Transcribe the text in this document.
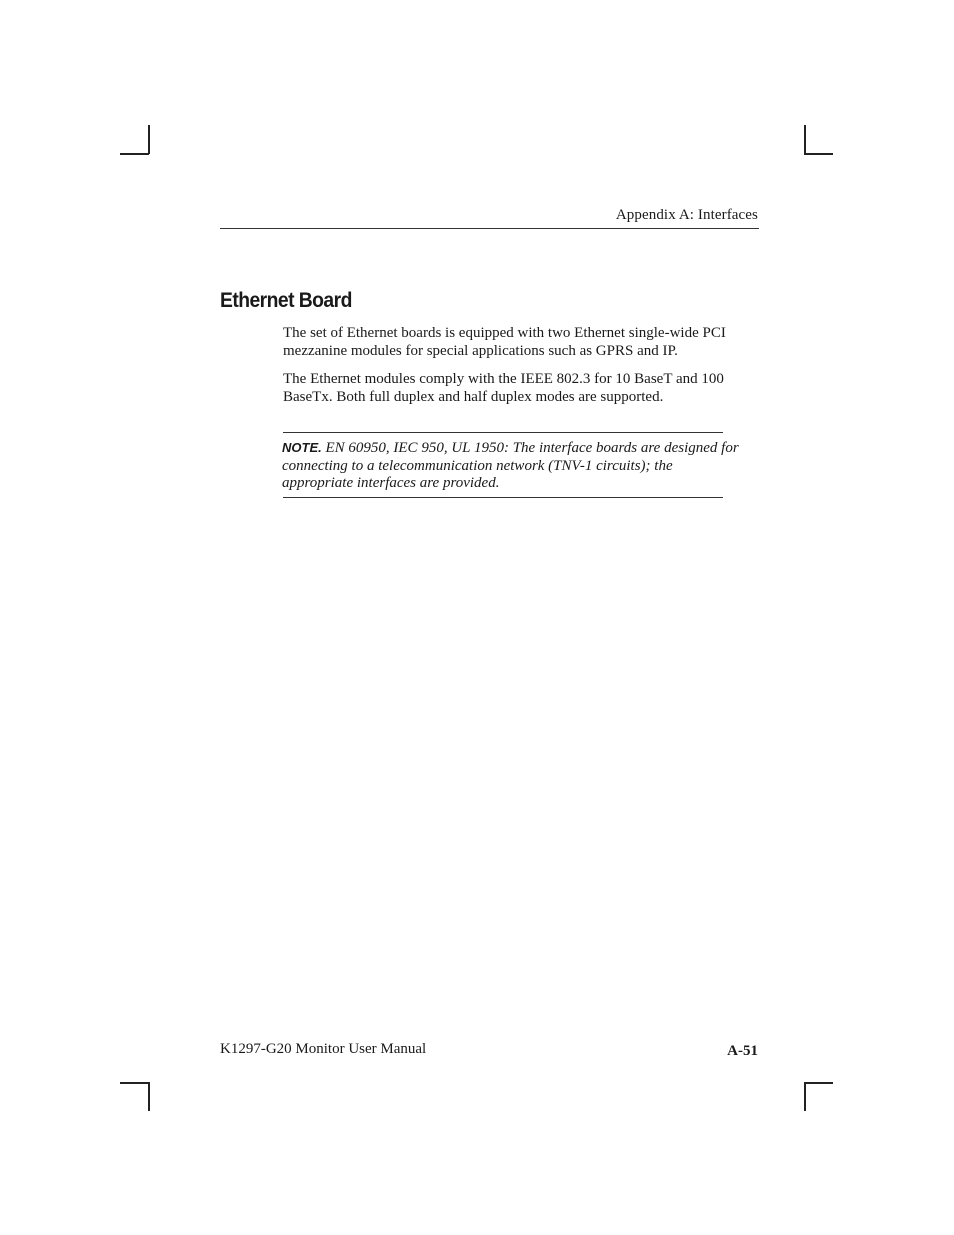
Appendix A: Interfaces
Ethernet Board

The set of Ethernet boards is equipped with two Ethernet single-wide PCI mezzanine modules for special applications such as GPRS and IP.

The Ethernet modules comply with the IEEE 802.3 for 10 BaseT and 100 BaseTx. Both full duplex and half duplex modes are supported.

NOTE. EN 60950, IEC 950, UL 1950: The interface boards are designed for connecting to a telecommunication network (TNV-1 circuits); the appropriate interfaces are provided.

K1297-G20 Monitor User Manual	A-51
